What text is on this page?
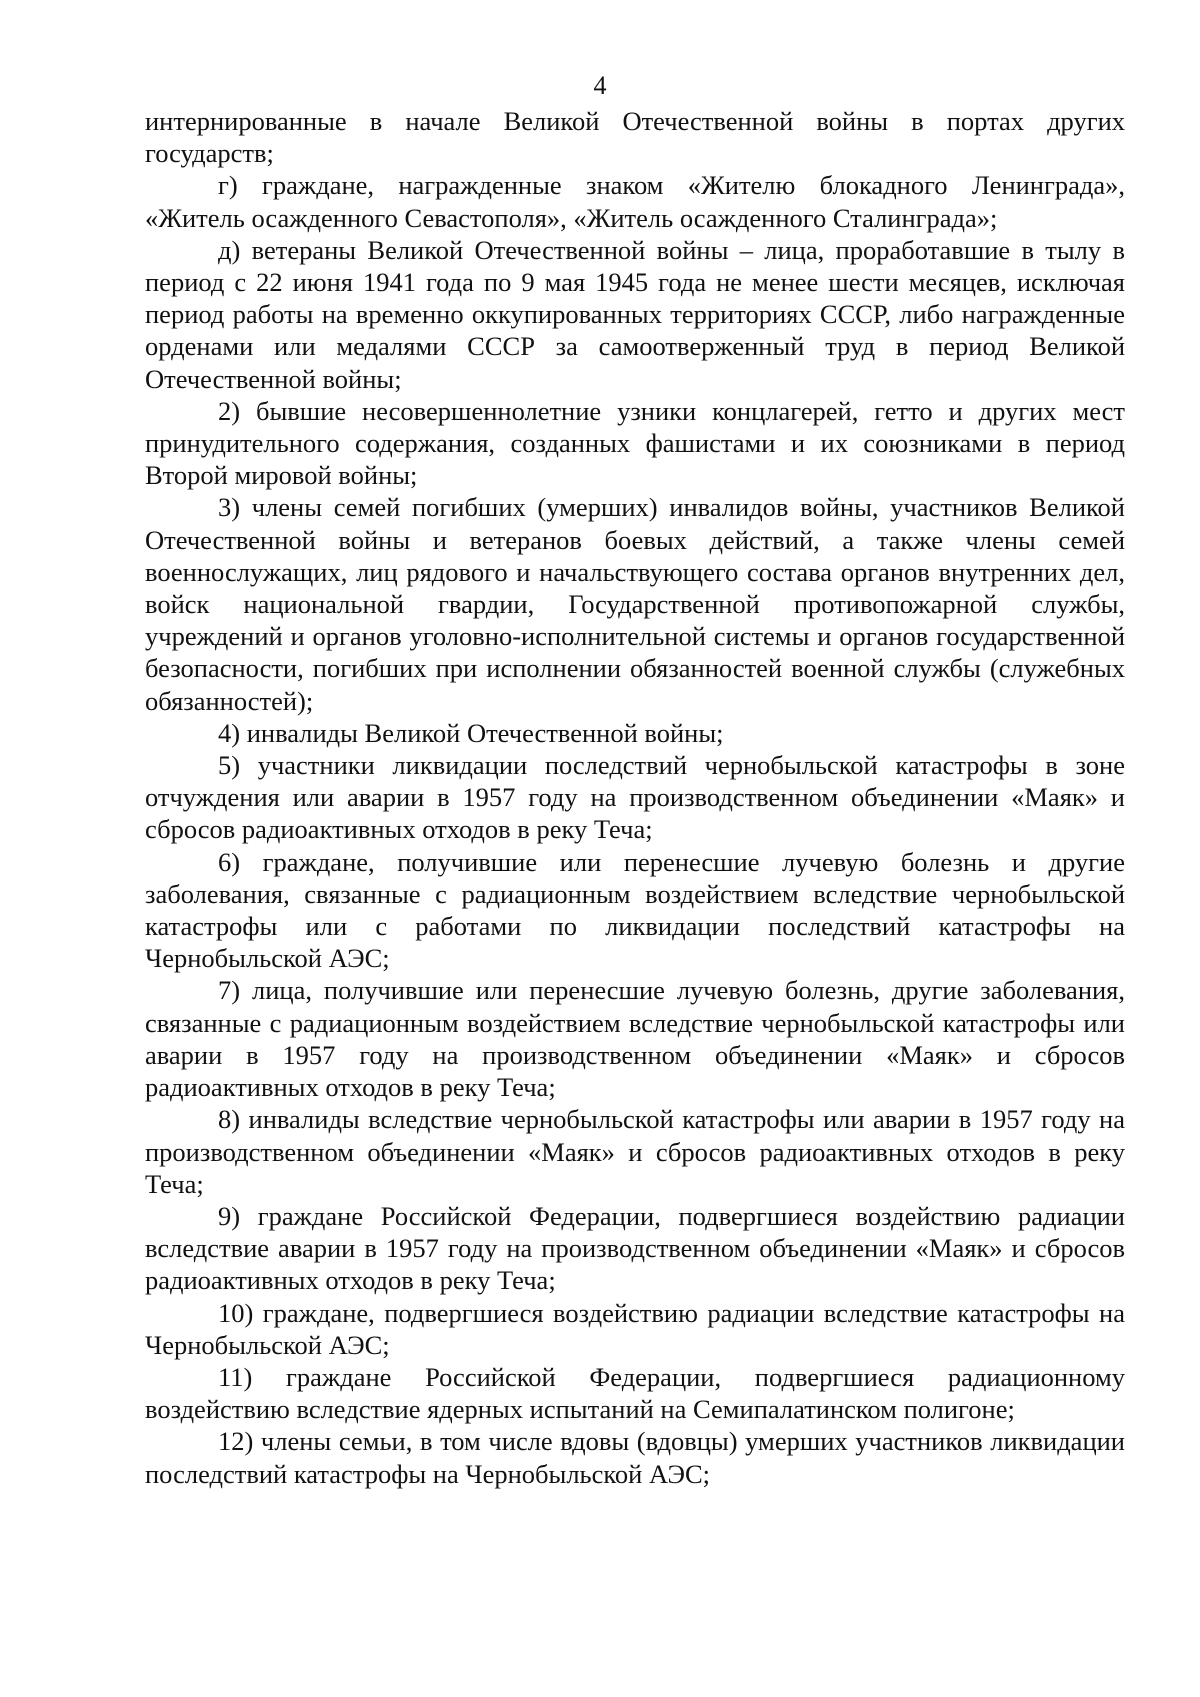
4

интернированные в начале Великой Отечественной войны в портах других государств;

г) граждане, награжденные знаком «Жителю блокадного Ленинграда», «Житель осажденного Севастополя», «Житель осажденного Сталинграда»;

д) ветераны Великой Отечественной войны – лица, проработавшие в тылу в период с 22 июня 1941 года по 9 мая 1945 года не менее шести месяцев, исключая период работы на временно оккупированных территориях СССР, либо награжденные орденами или медалями СССР за самоотверженный труд в период Великой Отечественной войны;

2) бывшие несовершеннолетние узники концлагерей, гетто и других мест принудительного содержания, созданных фашистами и их союзниками в период Второй мировой войны;

3) члены семей погибших (умерших) инвалидов войны, участников Великой Отечественной войны и ветеранов боевых действий, а также члены семей военнослужащих, лиц рядового и начальствующего состава органов внутренних дел, войск национальной гвардии, Государственной противопожарной службы, учреждений и органов уголовно-исполнительной системы и органов государственной безопасности, погибших при исполнении обязанностей военной службы (служебных обязанностей);

4) инвалиды Великой Отечественной войны;

5) участники ликвидации последствий чернобыльской катастрофы в зоне отчуждения или аварии в 1957 году на производственном объединении «Маяк» и сбросов радиоактивных отходов в реку Теча;

6) граждане, получившие или перенесшие лучевую болезнь и другие заболевания, связанные с радиационным воздействием вследствие чернобыльской катастрофы или с работами по ликвидации последствий катастрофы на Чернобыльской АЭС;

7) лица, получившие или перенесшие лучевую болезнь, другие заболевания, связанные с радиационным воздействием вследствие чернобыльской катастрофы или аварии в 1957 году на производственном объединении «Маяк» и сбросов радиоактивных отходов в реку Теча;

8) инвалиды вследствие чернобыльской катастрофы или аварии в 1957 году на производственном объединении «Маяк» и сбросов радиоактивных отходов в реку Теча;

9) граждане Российской Федерации, подвергшиеся воздействию радиации вследствие аварии в 1957 году на производственном объединении «Маяк» и сбросов радиоактивных отходов в реку Теча;

10) граждане, подвергшиеся воздействию радиации вследствие катастрофы на Чернобыльской АЭС;

11) граждане Российской Федерации, подвергшиеся радиационному воздействию вследствие ядерных испытаний на Семипалатинском полигоне;

12) члены семьи, в том числе вдовы (вдовцы) умерших участников ликвидации последствий катастрофы на Чернобыльской АЭС;
